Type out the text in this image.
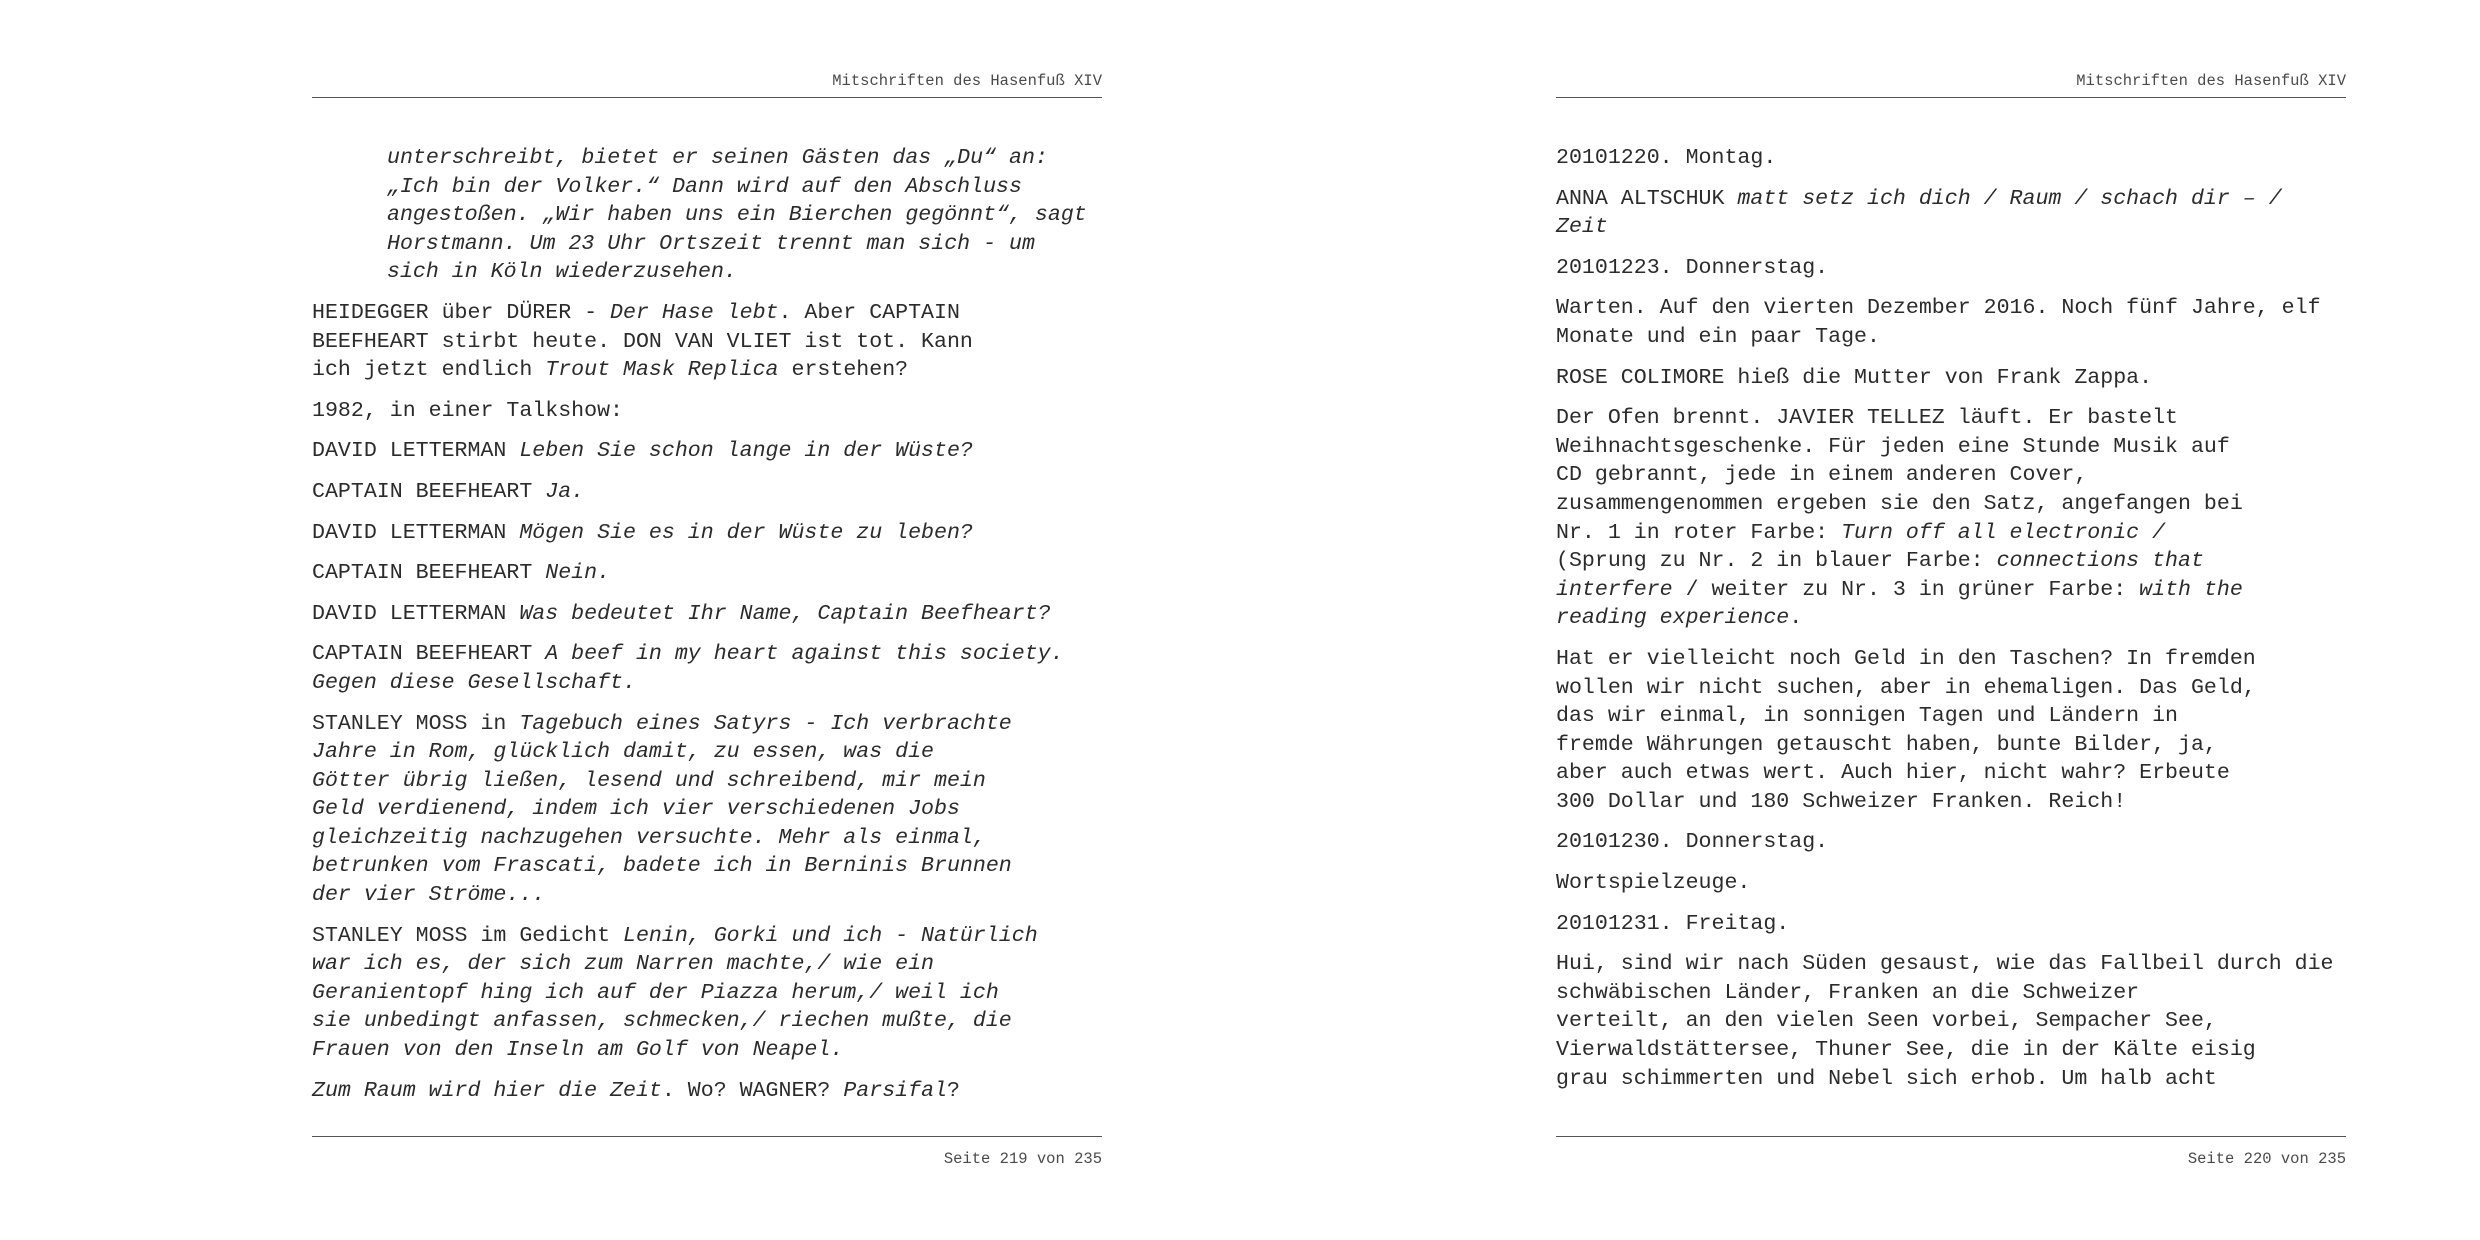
Mitschriften des Hasenfuß XIV

unterschreibt, bietet er seinen Gästen das „Du“ an:
„Ich bin der Volker.“ Dann wird auf den Abschluss
angestoßen. „Wir haben uns ein Bierchen gegönnt“, sagt
Horstmann. Um 23 Uhr Ortszeit trennt man sich - um
sich in Köln wiederzusehen.

HEIDEGGER über DÜRER - Der Hase lebt. Aber CAPTAIN
BEEFHEART stirbt heute. DON VAN VLIET ist tot. Kann
ich jetzt endlich Trout Mask Replica erstehen?

1982, in einer Talkshow:

DAVID LETTERMAN Leben Sie schon lange in der Wüste?

CAPTAIN BEEFHEART Ja.

DAVID LETTERMAN Mögen Sie es in der Wüste zu leben?

CAPTAIN BEEFHEART Nein.

DAVID LETTERMAN Was bedeutet Ihr Name, Captain Beefheart?

CAPTAIN BEEFHEART A beef in my heart against this society.
Gegen diese Gesellschaft.

STANLEY MOSS in Tagebuch eines Satyrs - Ich verbrachte
Jahre in Rom, glücklich damit, zu essen, was die
Götter übrig ließen, lesend und schreibend, mir mein
Geld verdienend, indem ich vier verschiedenen Jobs
gleichzeitig nachzugehen versuchte. Mehr als einmal,
betrunken vom Frascati, badete ich in Berninis Brunnen
der vier Ströme...

STANLEY MOSS im Gedicht Lenin, Gorki und ich - Natürlich
war ich es, der sich zum Narren machte,/ wie ein
Geranientopf hing ich auf der Piazza herum,/ weil ich
sie unbedingt anfassen, schmecken,/ riechen mußte, die
Frauen von den Inseln am Golf von Neapel.

Zum Raum wird hier die Zeit. Wo? WAGNER? Parsifal?

Seite 219 von 235
Mitschriften des Hasenfuß XIV

20101220. Montag.

ANNA ALTSCHUK matt setz ich dich / Raum / schach dir – /
Zeit

20101223. Donnerstag.

Warten. Auf den vierten Dezember 2016. Noch fünf Jahre, elf
Monate und ein paar Tage.

ROSE COLIMORE hieß die Mutter von Frank Zappa.

Der Ofen brennt. JAVIER TELLEZ läuft. Er bastelt
Weihnachtsgeschenke. Für jeden eine Stunde Musik auf
CD gebrannt, jede in einem anderen Cover,
zusammengenommen ergeben sie den Satz, angefangen bei
Nr. 1 in roter Farbe: Turn off all electronic /
(Sprung zu Nr. 2 in blauer Farbe: connections that
interfere / weiter zu Nr. 3 in grüner Farbe: with the
reading experience.

Hat er vielleicht noch Geld in den Taschen? In fremden
wollen wir nicht suchen, aber in ehemaligen. Das Geld,
das wir einmal, in sonnigen Tagen und Ländern in
fremde Währungen getauscht haben, bunte Bilder, ja,
aber auch etwas wert. Auch hier, nicht wahr? Erbeute
300 Dollar und 180 Schweizer Franken. Reich!

20101230. Donnerstag.

Wortspielzeuge.

20101231. Freitag.

Hui, sind wir nach Süden gesaust, wie das Fallbeil durch die
schwäbischen Länder, Franken an die Schweizer
verteilt, an den vielen Seen vorbei, Sempacher See,
Vierwaldstättersee, Thuner See, die in der Kälte eisig
grau schimmerten und Nebel sich erhob. Um halb acht

Seite 220 von 235
